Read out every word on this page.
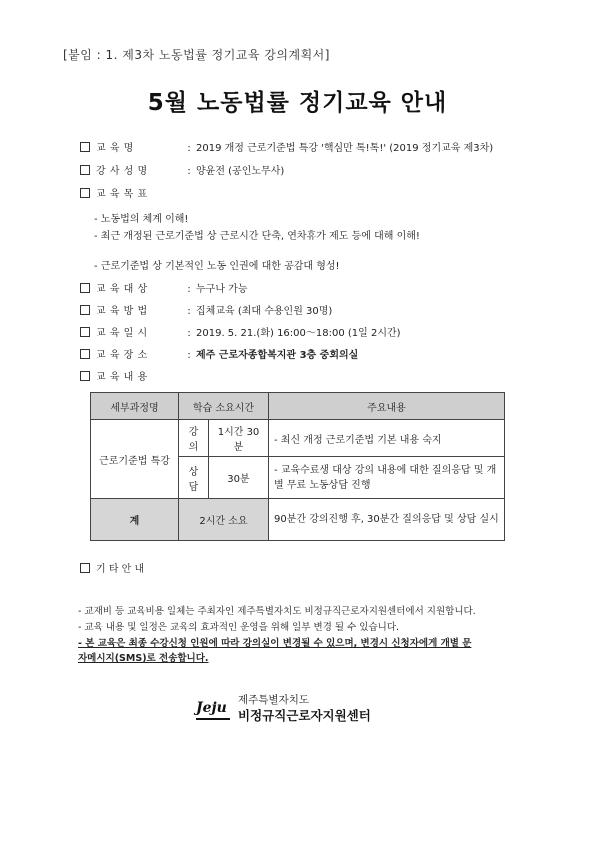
[붙임 : 1. 제3차 노동법률 정기교육 강의계획서]
5월 노동법률 정기교육 안내
교 육 명	: 2019 개정 근로기준법 특강 '핵심만 톡!톡!' (2019 정기교육 제3차)
강 사 성 명	: 양윤전 (공인노무사)
교 육 목 표
- 노동법의 체계 이해!
- 최근 개정된 근로기준법 상 근로시간 단축, 연차휴가 제도 등에 대해 이해!
- 근로기준법 상 기본적인 노동 인권에 대한 공감대 형성!
교 육 대 상	: 누구나 가능
교 육 방 법	: 집체교육 (최대 수용인원 30명)
교 육 일 시	: 2019. 5. 21.(화) 16:00～18:00 (1일 2시간)
교 육 장 소	: 제주 근로자종합복지관 3층 중회의실
교 육 내 용
세부과정명	학습 소요시간		주요내용
근로기준법 특강	강의	1시간 30분	- 최신 개정 근로기준법 기본 내용 숙지
	상담	30분	- 교육수료생 대상 강의 내용에 대한 질의응답 및 개별 무료 노동상담 진행
계	2시간 소요		90분간 강의진행 후, 30분간 질의응답 및 상담 실시
기 타 안 내
- 교재비 등 교육비용 일체는 주최자인 제주특별자치도 비정규직근로자지원센터에서 지원합니다.
- 교육 내용 및 일정은 교육의 효과적인 운영을 위해 일부 변경 될 수 있습니다.
- 본 교육은 최종 수강신청 인원에 따라 강의실이 변경될 수 있으며, 변경시 신청자에게 개별 문
자메시지(SMS)로 전송합니다.
Jeju 제주특별자치도
비정규직근로자지원센터
